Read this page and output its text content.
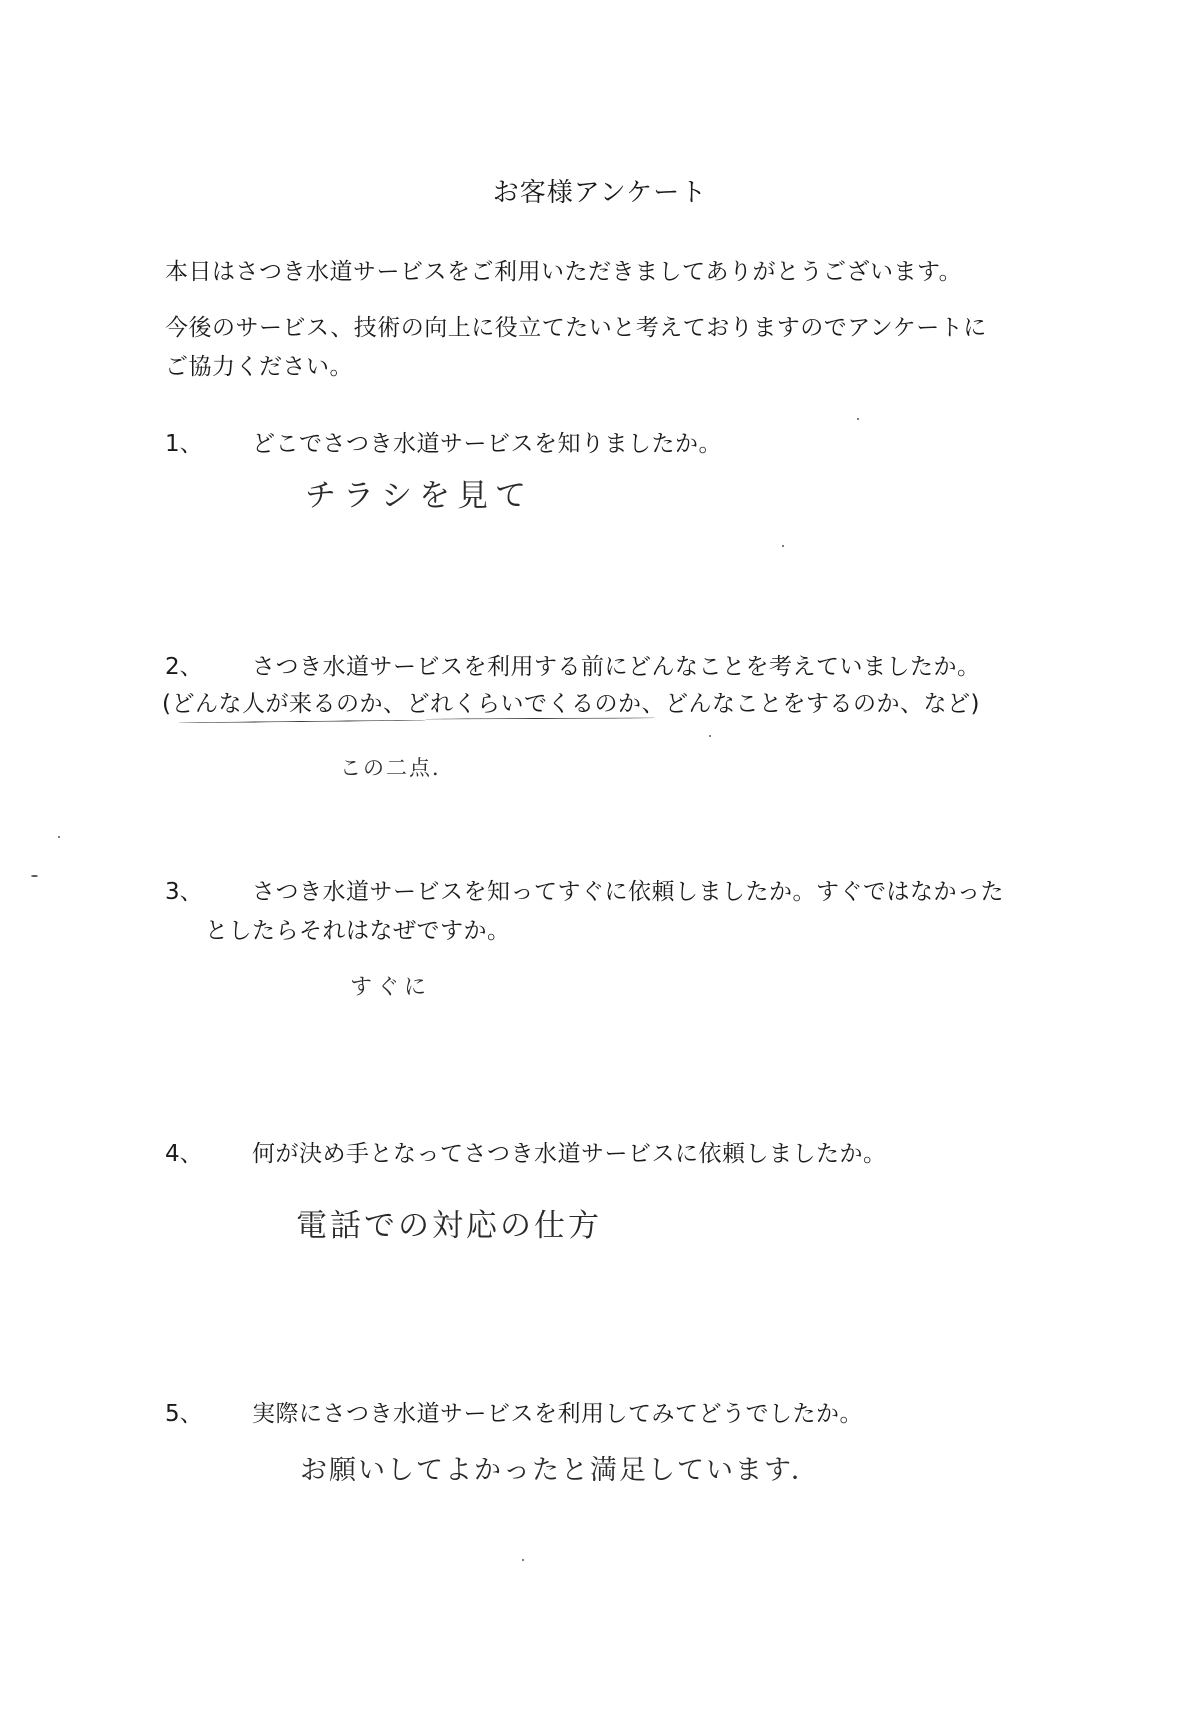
お客様アンケート
本日はさつき水道サービスをご利用いただきましてありがとうございます。
今後のサービス、技術の向上に役立てたいと考えておりますのでアンケートに
ご協力ください。
1、 どこでさつき水道サービスを知りましたか。
チラシを見て
2、 さつき水道サービスを利用する前にどんなことを考えていましたか。
(どんな人が来るのか、どれくらいでくるのか、どんなことをするのか、など)
この二点．
3、 さつき水道サービスを知ってすぐに依頼しましたか。すぐではなかった
としたらそれはなぜですか。
すぐに
4、 何が決め手となってさつき水道サービスに依頼しましたか。
電話での対応の仕方
5、 実際にさつき水道サービスを利用してみてどうでしたか。
お願いしてよかったと満足しています．
